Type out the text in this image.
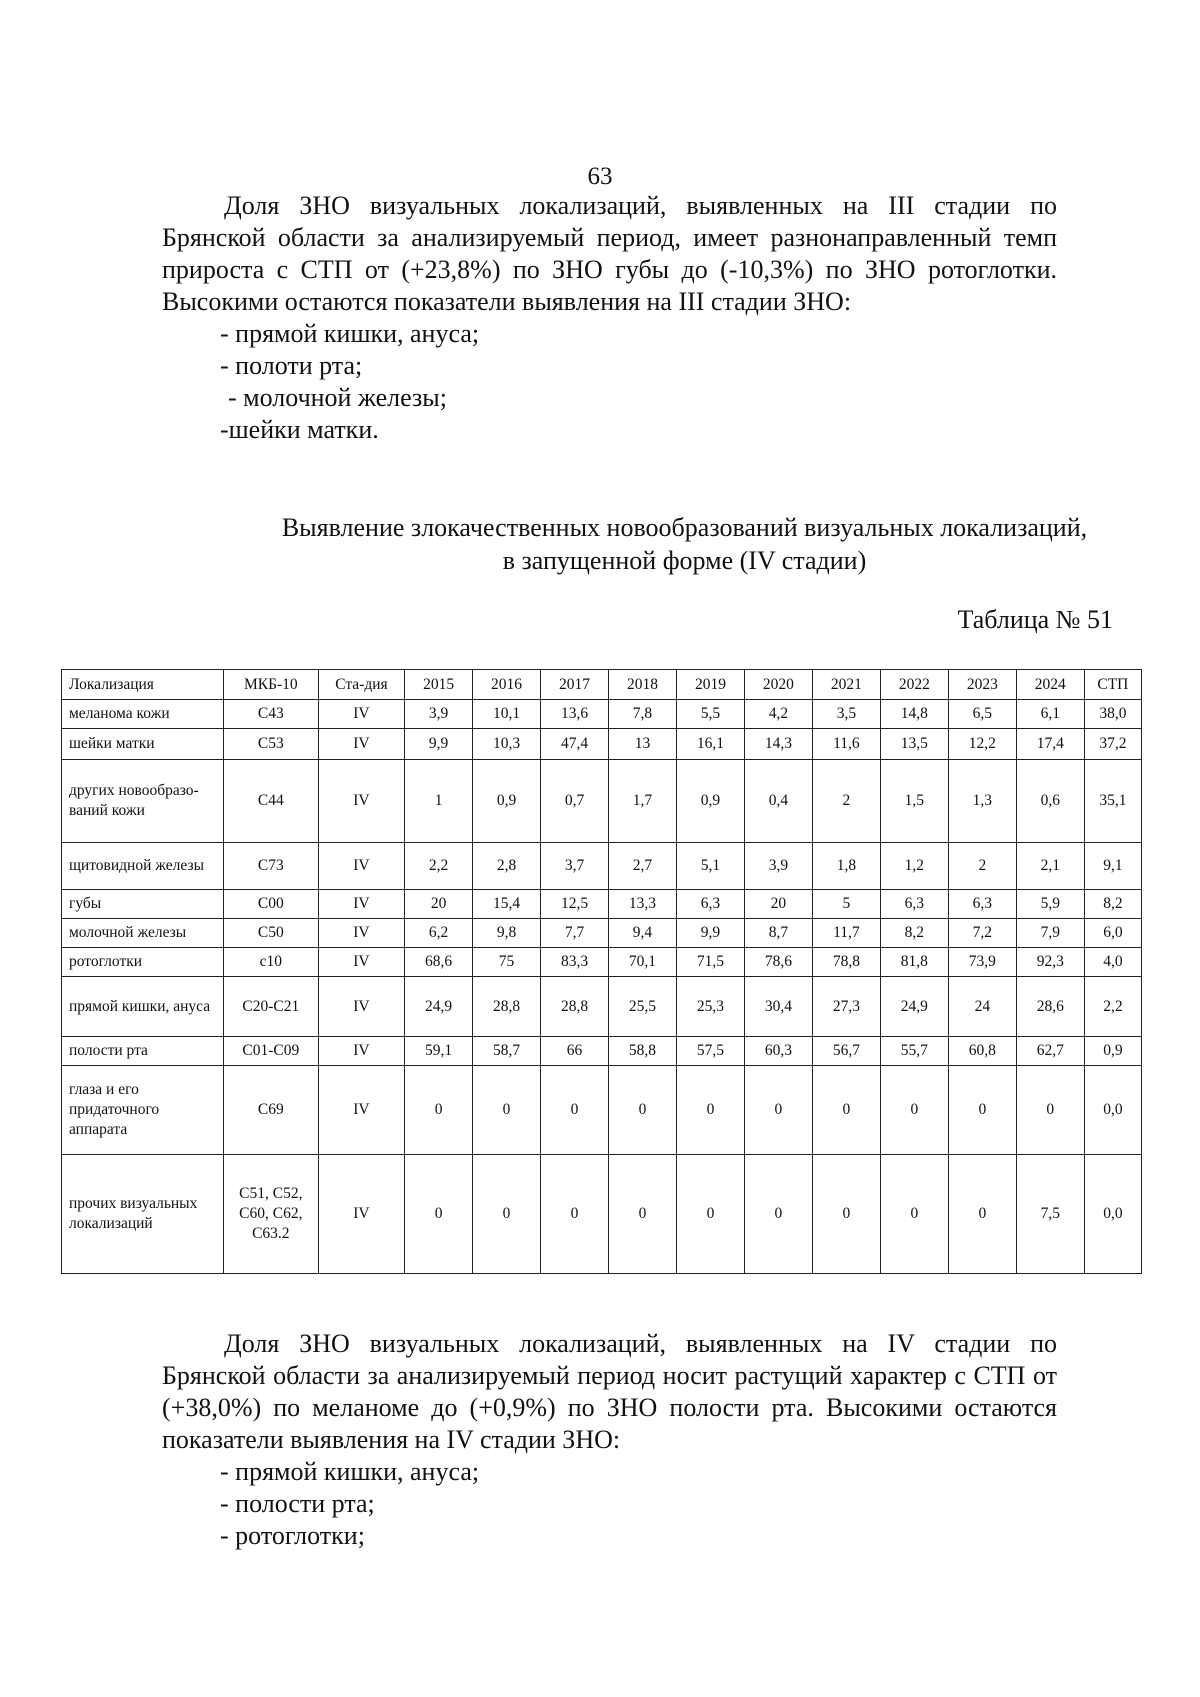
63

Доля ЗНО визуальных локализаций, выявленных на III стадии по Брянской области за анализируемый период, имеет разнонаправленный темп прироста с СТП от (+23,8%) по ЗНО губы до (-10,3%) по ЗНО ротоглотки. Высокими остаются показатели выявления на III стадии ЗНО:

- прямой кишки, ануса;
- полоти рта;
- молочной железы;
-шейки матки.
Выявление злокачественных новообразований визуальных локализаций,
в запущенной форме (IV стадии)
Таблица № 51
Локализация	МКБ-10	Ста-дия	2015	2016	2017	2018	2019	2020	2021	2022	2023	2024	СТП
меланома кожи	C43	IV	3,9	10,1	13,6	7,8	5,5	4,2	3,5	14,8	6,5	6,1	38,0
шейки матки	C53	IV	9,9	10,3	47,4	13	16,1	14,3	11,6	13,5	12,2	17,4	37,2
других новообразо-ваний кожи	C44	IV	1	0,9	0,7	1,7	0,9	0,4	2	1,5	1,3	0,6	35,1
щитовидной железы	C73	IV	2,2	2,8	3,7	2,7	5,1	3,9	1,8	1,2	2	2,1	9,1
губы	C00	IV	20	15,4	12,5	13,3	6,3	20	5	6,3	6,3	5,9	8,2
молочной железы	C50	IV	6,2	9,8	7,7	9,4	9,9	8,7	11,7	8,2	7,2	7,9	6,0
ротоглотки	c10	IV	68,6	75	83,3	70,1	71,5	78,6	78,8	81,8	73,9	92,3	4,0
прямой кишки, ануса	C20-C21	IV	24,9	28,8	28,8	25,5	25,3	30,4	27,3	24,9	24	28,6	2,2
полости рта	C01-C09	IV	59,1	58,7	66	58,8	57,5	60,3	56,7	55,7	60,8	62,7	0,9
глаза и его придаточного аппарата	C69	IV	0	0	0	0	0	0	0	0	0	0	0,0
прочих визуальных локализаций	C51, C52, C60, C62, C63.2	IV	0	0	0	0	0	0	0	0	0	7,5	0,0

Доля ЗНО визуальных локализаций, выявленных на IV стадии по Брянской области за анализируемый период носит растущий характер с СТП от (+38,0%) по меланоме до (+0,9%) по ЗНО полости рта. Высокими остаются показатели выявления на IV стадии ЗНО:

- прямой кишки, ануса;
- полости рта;
- ротоглотки;
